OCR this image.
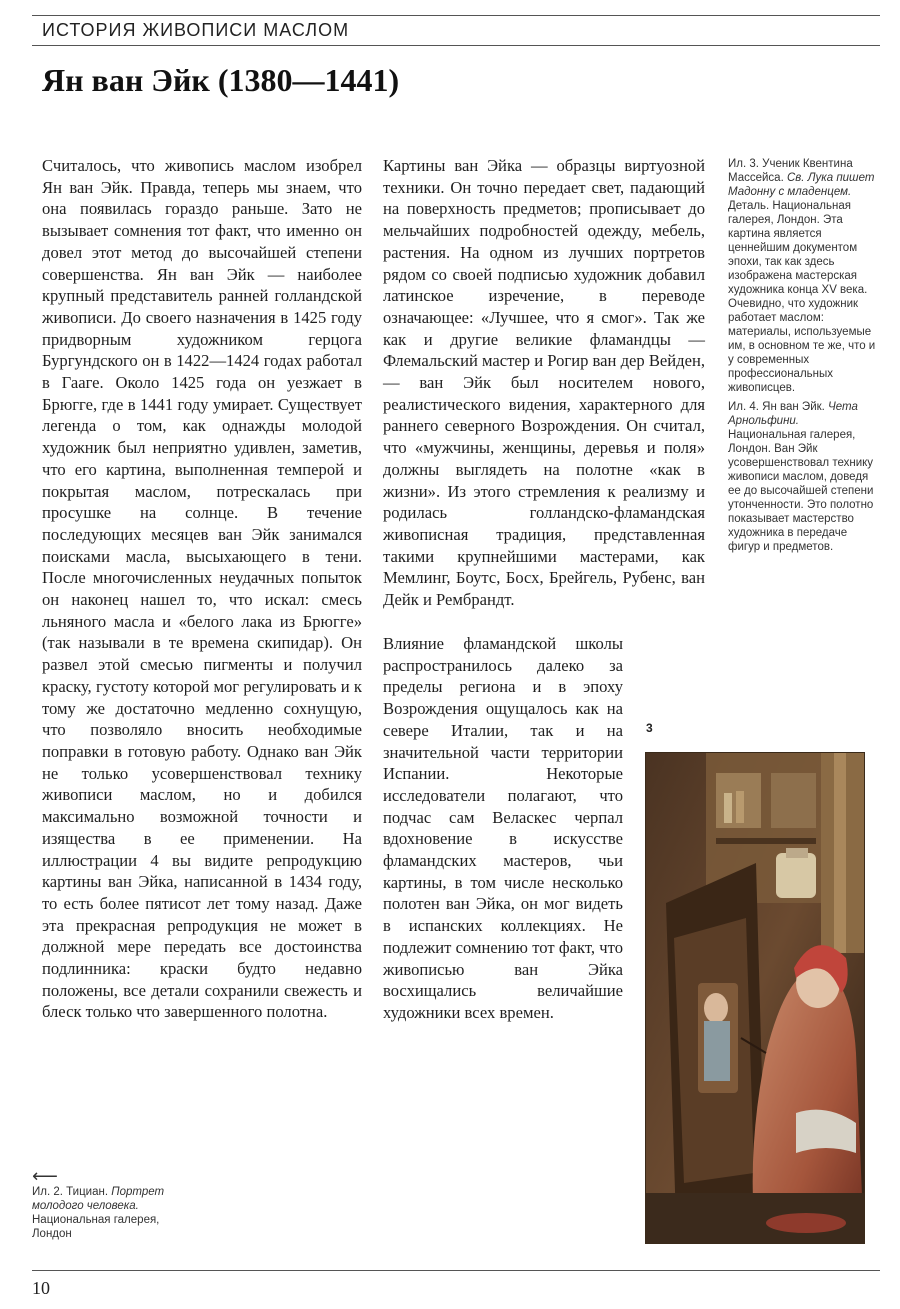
ИСТОРИЯ ЖИВОПИСИ МАСЛОМ
Ян ван Эйк (1380—1441)

Считалось, что живопись маслом изобрел Ян ван Эйк. Правда, теперь мы знаем, что она появилась гораздо раньше. Зато не вызывает сомнения тот факт, что именно он довел этот метод до высочайшей степени совершенства. Ян ван Эйк — наиболее крупный представитель ранней голландской живописи. До своего назначения в 1425 году придворным художником герцога Бургундского он в 1422—1424 годах работал в Гааге. Около 1425 года он уезжает в Брюгге, где в 1441 году умирает. Существует легенда о том, как однажды молодой художник был неприятно удивлен, заметив, что его картина, выполненная темперой и покрытая маслом, потрескалась при просушке на солнце. В течение последующих месяцев ван Эйк занимался поисками масла, высыхающего в тени. После многочисленных неудачных попыток он наконец нашел то, что искал: смесь льняного масла и «белого лака из Брюгге» (так называли в те времена скипидар). Он развел этой смесью пигменты и получил краску, густоту которой мог регулировать и к тому же достаточно медленно сохнущую, что позволяло вносить необходимые поправки в готовую работу. Однако ван Эйк не только усовершенствовал технику живописи маслом, но и добился максимально возможной точности и изящества в ее применении. На иллюстрации 4 вы видите репродукцию картины ван Эйка, написанной в 1434 году, то есть более пятисот лет тому назад. Даже эта прекрасная репродукция не может в должной мере передать все достоинства подлинника: краски будто недавно положены, все детали сохранили свежесть и блеск только что завершенного полотна.

Картины ван Эйка — образцы виртуозной техники. Он точно передает свет, падающий на поверхность предметов; прописывает до мельчайших подробностей одежду, мебель, растения. На одном из лучших портретов рядом со своей подписью художник добавил латинское изречение, в переводе означающее: «Лучшее, что я смог». Так же как и другие великие фламандцы — Флемальский мастер и Рогир ван дер Вейден, — ван Эйк был носителем нового, реалистического видения, характерного для раннего северного Возрождения. Он считал, что «мужчины, женщины, деревья и поля» должны выглядеть на полотне «как в жизни». Из этого стремления к реализму и родилась голландско-фламандская живописная традиция, представленная такими крупнейшими мастерами, как Мемлинг, Боутс, Босх, Брейгель, Рубенс, ван Дейк и Рембрандт.

Влияние фламандской школы распространилось далеко за пределы региона и в эпоху Возрождения ощущалось как на севере Италии, так и на значительной части территории Испании. Некоторые исследователи полагают, что подчас сам Веласкес черпал вдохновение в искусстве фламандских мастеров, чьи картины, в том числе несколько полотен ван Эйка, он мог видеть в испанских коллекциях. Не подлежит сомнению тот факт, что живописью ван Эйка восхищались величайшие художники всех времен.

Ил. 3. Ученик Квентина Массейса. Св. Лука пишет Мадонну с младенцем. Деталь. Национальная галерея, Лондон. Эта картина является ценнейшим документом эпохи, так как здесь изображена мастерская художника конца XV века. Очевидно, что художник работает маслом: материалы, используемые им, в основном те же, что и у современных профессиональных живописцев.

Ил. 4. Ян ван Эйк. Чета Арнольфини. Национальная галерея, Лондон. Ван Эйк усовершенствовал технику живописи маслом, доведя ее до высочайшей степени утонченности. Это полотно показывает мастерство художника в передаче фигур и предметов.

3
⟵

Ил. 2. Тициан. Портрет молодого человека. Национальная галерея, Лондон

10
